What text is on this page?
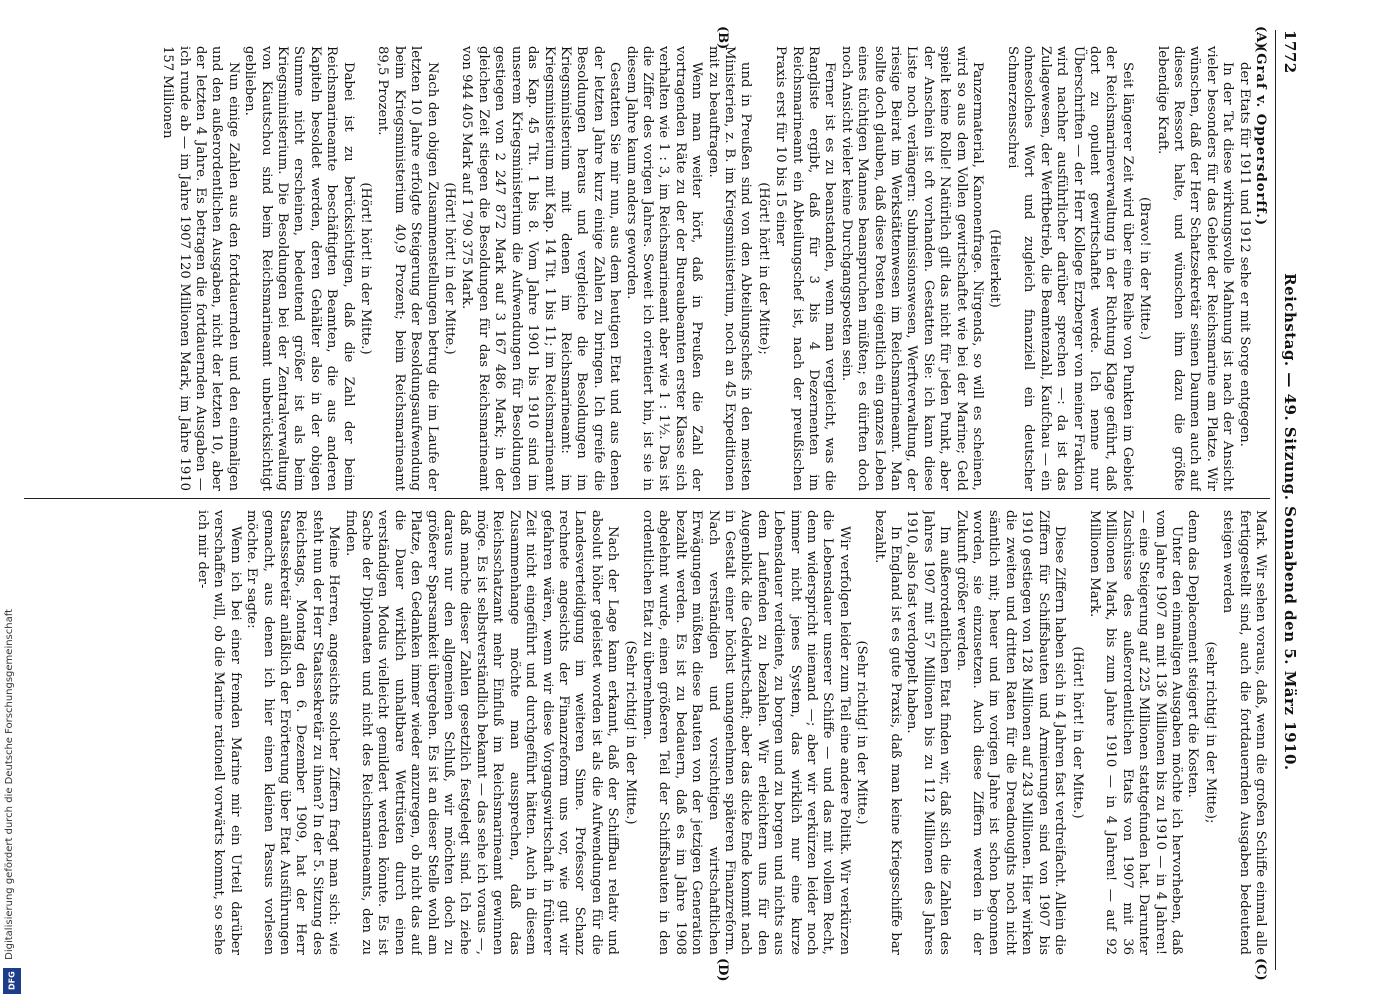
1772
Reichstag. — 49. Sitzung. Sonnabend den 5. März 1910.
(A)
(B)
(C)
(D)

(Graf v. Oppersdorff.)

der Etats für 1911 und 1912 sehe er mit Sorge entgegen.

In der Tat diese wirkungsvolle Mahnung ist nach der Ansicht vieler besonders für das Gebiet der Reichsmarine am Platze. Wir wünschen, daß der Herr Schatzsekretär seinen Daumen auch auf dieses Ressort halte, und wünschen ihm dazu die größte lebendige Kraft.

(Bravo! in der Mitte.)

Seit längerer Zeit wird über eine Reihe von Punkten im Gebiet der Reichsmarineverwaltung in der Richtung Klage geführt, daß dort zu opulent gewirtschaftet werde. Ich nenne nur Überschriften — der Herr Kollege Erzberger von meiner Fraktion wird nachher ausführlicher darüber sprechen —: da ist das Zulagewesen, der Werftbetrieb, die Beamtenzahl, Kaufchau — ein ohnesolches Wort und zugleich finanziell ein deutscher Schmerzensschrei

(Heiterkeit)

Panzermaterial, Kanonenfrage. Nirgends, so will es scheinen, wird so aus dem Vollen gewirtschaftet wie bei der Marine; Geld spielt keine Rolle! Natürlich gilt das nicht für jeden Punkt, aber der Anschein ist oft vorhanden. Gestatten Sie: ich kann diese Liste noch verlängern: Submissionswesen, Werftverwaltung, der riesige Beirat im Werkstättenwesen im Reichsmarineamt. Man sollte doch glauben, daß diese Posten eigentlich ein ganzes Leben eines tüchtigen Mannes beanspruchen müßten; es dürften doch noch Ansicht vieler keine Durchgangsposten sein.

Ferner ist es zu beanstanden, wenn man vergleicht, was die Rangliste ergibt, daß für 3 bis 4 Dezernenten im Reichsmarineamt ein Abteilungschef ist, nach der preußischen Praxis erst für 10 bis 15 einer

(Hört! hört! in der Mitte);

und in Preußen sind von den Abteilungschefs in den meisten Ministerien, z. B. im Kriegsministerium, noch an 45 Expeditionen mit zu beauftragen.

Wenn man weiter hört, daß in Preußen die Zahl der vortragenden Räte zu der der Bureaubeamten erster Klasse sich verhalten wie 1 : 3, im Reichsmarineamt aber wie 1 : 1½. Das ist die Ziffer des vorigen Jahres. Soweit ich orientiert bin, ist sie in diesem Jahre kaum anders geworden.

Gestatten Sie mir nun, aus dem heutigen Etat und aus denen der letzten Jahre kurz einige Zahlen zu bringen. Ich greife die Besoldungen heraus und vergleiche die Besoldungen im Kriegsministerium mit denen im Reichsmarineamt: im Kriegsministerium mit Kap. 14 Tit. 1 bis 11; im Reichsmarineamt das Kap. 45 Tit. 1 bis 8. Vom Jahre 1901 bis 1910 sind im unserem Kriegsministerium die Aufwendungen für Besoldungen gestiegen von 2 247 872 Mark auf 3 167 486 Mark; in der gleichen Zeit stiegen die Besoldungen für das Reichsmarineamt von 944 405 Mark auf 1 790 375 Mark.

(Hört! hört! in der Mitte.)

Nach den obigen Zusammenstellungen betrug die im Laufe der letzten 10 Jahre erfolgte Steigerung der Besoldungsaufwendung beim Kriegsministerium 40,9 Prozent; beim Reichsmarineamt 89,5 Prozent.

(Hört! hört! in der Mitte.)

Dabei ist zu berücksichtigen, daß die Zahl der beim Reichsmarineamte beschäftigten Beamten, die aus anderen Kapiteln besoldet werden, deren Gehälter also in der obigen Summe nicht erscheinen, bedeutend größer ist als beim Kriegsministerium. Die Besoldungen bei der Zentralverwaltung von Kiautschou sind beim Reichsmarineamt unberücksichtigt geblieben.

Nun einige Zahlen aus den fortdauernden und den einmaligen und den außerordentlichen Ausgaben, nicht der letzten 10, aber der letzten 4 Jahre. Es betragen die fortdauernden Ausgaben — ich runde ab — im Jahre 1907 120 Millionen Mark, im Jahre 1910 157 Millionen

Mark. Wir sehen voraus, daß, wenn die großen Schiffe einmal alle fertiggestellt sind, auch die fortdauernden Ausgaben bedeutend steigen werden

(sehr richtig! in der Mitte);

denn das Deplacement steigert die Kosten.

Unter den einmaligen Ausgaben möchte ich hervorheben, daß vom Jahre 1907 an mit 136 Millionen bis zu 1910 — in 4 Jahren! — eine Steigerung auf 225 Millionen stattgefunden hat. Darunter Zuschüsse des außerordentlichen Etats von 1907 mit 36 Millionen Mark, bis zum Jahre 1910 — in 4 Jahren! — auf 92 Millionen Mark.

(Hört! hört! in der Mitte.)

Diese Ziffern haben sich in 4 Jahren fast verdreifacht. Allein die Ziffern für Schiffsbauten und Armierungen sind von 1907 bis 1910 gestiegen von 128 Millionen auf 243 Millionen. Hier wirken die zweiten und dritten Raten für die Dreadnoughts noch nicht sämtlich mit; heuer und im vorigen Jahre ist schon begonnen worden, sie einzusetzen. Auch diese Ziffern werden in der Zukunft größer werden.

Im außerordentlichen Etat finden wir, daß sich die Zahlen des Jahres 1907 mit 57 Millionen bis zu 112 Millionen des Jahres 1910, also fast verdoppelt haben.

In England ist es gute Praxis, daß man keine Kriegsschiffe bar bezahlt.

(Sehr richtig! in der Mitte.)

Wir verfolgen leider zum Teil eine andere Politik. Wir verkürzen die Lebensdauer unserer Schiffe — und das mit vollem Recht, denn widerspricht niemand —; aber wir verkürzen leider noch immer nicht jenes System, das wirklich nur eine kurze Lebensdauer verdiente, zu borgen und zu borgen und nichts aus dem Laufenden zu bezahlen. Wir erleichtern uns für den Augenblick die Geldwirtschaft; aber das dicke Ende kommt nach in Gestalt einer höchst unangenehmen späteren Finanzreform. Nach verständigen und vorsichtigen wirtschaftlichen Erwägungen müßten diese Bauten von der jetzigen Generation bezahlt werden. Es ist zu bedauern, daß es im Jahre 1908 abgelehnt wurde, einen größeren Teil der Schiffsbauten in den ordentlichen Etat zu übernehmen.

(Sehr richtig! in der Mitte.)

Nach der Lage kann erkannt, daß der Schiffbau relativ und absolut höher geleistet worden ist als die Aufwendungen für die Landesverteidigung im weiteren Sinne. Professor Schanz rechnete angesichts der Finanzreform uns vor, wie gut wir gefahren wären, wenn wir diese Vorgangswirtschaft in früherer Zeit nicht eingeführt und durchgeführt hätten. Auch in diesem Zusammenhange möchte man aussprechen, daß das Reichsschatzamt mehr Einfluß im Reichsmarineamt gewinnen möge. Es ist selbstverständlich bekannt — das sehe ich voraus —, daß manche dieser Zahlen gesetzlich festgelegt sind. Ich ziehe daraus nur den allgemeinen Schluß, wir möchten doch zu größerer Sparsamkeit übergehen. Es ist an dieser Stelle wohl am Platze, den Gedanken immer wieder anzuregen, ob nicht das auf die Dauer wirklich unhaltbare Wettrüsten durch einen verständigen Modus vielleicht gemildert werden könnte. Es ist Sache der Diplomaten und nicht des Reichsmarineamts, den zu finden.

Meine Herren, angesichts solcher Ziffern fragt man sich: wie steht nun der Herr Staatssekretär zu ihnen? In der 5. Sitzung des Reichstags, Montag den 6. Dezember 1909, hat der Herr Staatssekretär anläßlich der Erörterung über Etat Ausführungen gemacht, aus denen ich hier einen kleinen Passus vorlesen möchte. Er sagte:

Wenn ich bei einer fremden Marine mir ein Urteil darüber verschaffen will, ob die Marine rationell vorwärts kommt, so sehe ich mir der-

Digitalisierung gefördert durch die Deutsche Forschungsgemeinschaft
DFG
